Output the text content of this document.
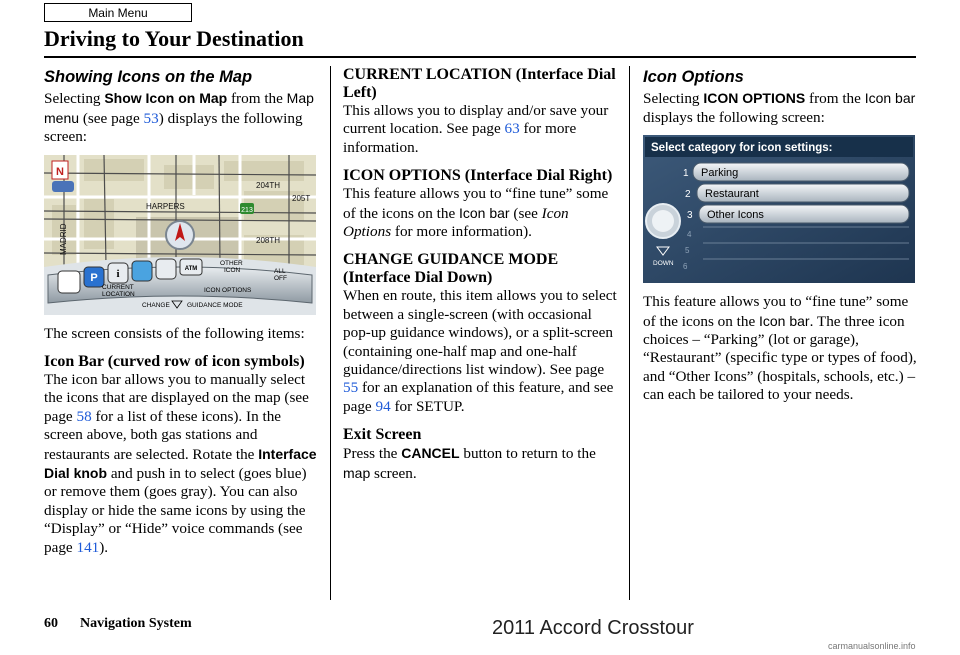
Main Menu
Driving to Your Destination
Showing Icons on the Map

Selecting Show Icon on Map from the Map menu (see page 53) displays the following screen:

N
HARPERS
204TH
205T
208TH
MADRID
213
P i	ATM
OTHER
ICON	ALL
OFF
CURRENT
LOCATION
ICON OPTIONS
CHANGE	GUIDANCE MODE

The screen consists of the following items:

Icon Bar (curved row of icon symbols)

The icon bar allows you to manually select the icons that are displayed on the map (see page 58 for a list of these icons). In the screen above, both gas stations and restaurants are selected. Rotate the Interface Dial knob and push in to select (goes blue) or remove them (goes gray). You can also display or hide the same icons by using the “Display” or “Hide” voice commands (see page 141).

CURRENT LOCATION (Interface Dial Left)

This allows you to display and/or save your current location. See page 63 for more information.

ICON OPTIONS (Interface Dial Right)

This feature allows you to “fine tune” some of the icons on the Icon bar (see Icon Options for more information).

CHANGE GUIDANCE MODE (Interface Dial Down)

When en route, this item allows you to select between a single-screen (with occasional pop-up guidance windows), or a split-screen (containing one-half map and one-half guidance/directions list window). See page 55 for an explanation of this feature, and see page 94 for SETUP.

Exit Screen

Press the CANCEL button to return to the map screen.

Icon Options

Selecting ICON OPTIONS from the Icon bar displays the following screen:

Select category for icon settings:
1 Parking
2 Restaurant
3 Other Icons
4
5
6
DOWN

This feature allows you to “fine tune” some of the icons on the Icon bar. The three icon choices – “Parking” (lot or garage), “Restaurant” (specific type or types of food), and “Other Icons” (hospitals, schools, etc.) – can each be tailored to your needs.

60 Navigation System	2011 Accord Crosstour
carmanualsonline.info
